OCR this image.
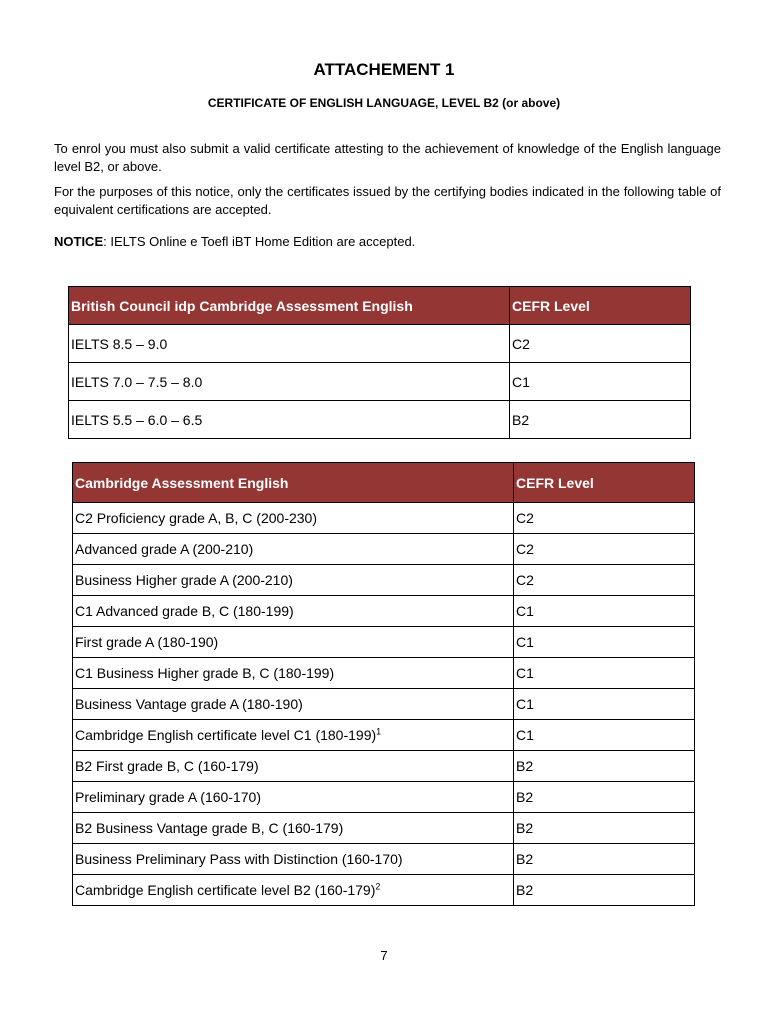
ATTACHEMENT 1
CERTIFICATE OF ENGLISH LANGUAGE, LEVEL B2 (or above)
To enrol you must also submit a valid certificate attesting to the achievement of knowledge of the English language level B2, or above.
For the purposes of this notice, only the certificates issued by the certifying bodies indicated in the following table of equivalent certifications are accepted.
NOTICE: IELTS Online e Toefl iBT Home Edition are accepted.
British Council idp Cambridge Assessment English	CEFR Level
IELTS 8.5 – 9.0	C2
IELTS 7.0 – 7.5 – 8.0	C1
IELTS 5.5 – 6.0 – 6.5	B2
Cambridge Assessment English	CEFR Level
C2 Proficiency grade A, B, C (200-230)	C2
Advanced grade A (200-210)	C2
Business Higher grade A (200-210)	C2
C1 Advanced grade B, C (180-199)	C1
First grade A (180-190)	C1
C1 Business Higher grade B, C (180-199)	C1
Business Vantage grade A (180-190)	C1
Cambridge English certificate level C1 $(180-199)^1$	C1
B2 First grade B, C (160-179)	B2
Preliminary grade A (160-170)	B2
B2 Business Vantage grade B, C (160-179)	B2
Business Preliminary Pass with Distinction (160-170)	B2
Cambridge English certificate level B2 $(160-179)^2$	B2
7
